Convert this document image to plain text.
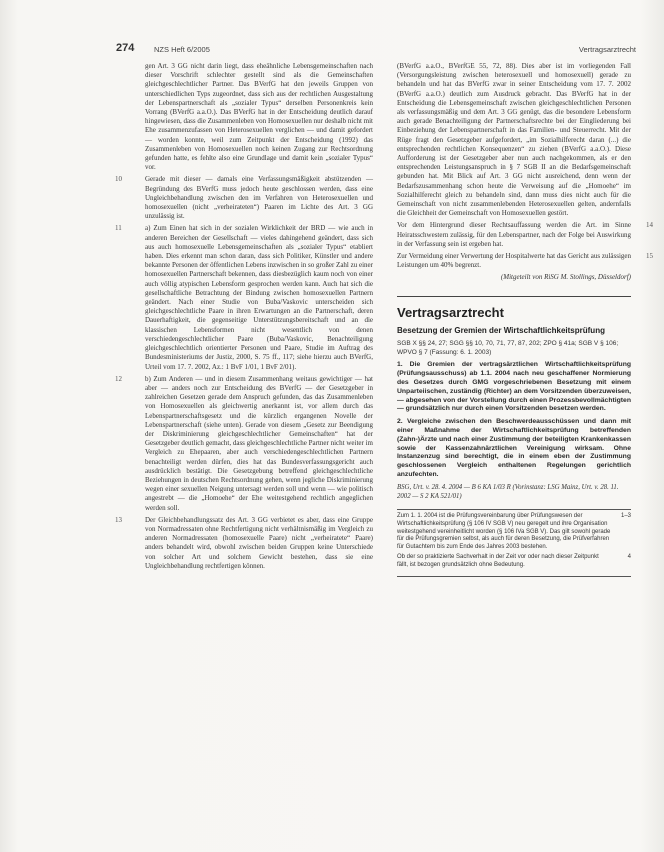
274	NZS Heft 6/2005	Vertragsarztrecht
gen Art. 3 GG nicht darin liegt, dass eheähnliche Lebensgemeinschaften nach dieser Vorschrift schlechter gestellt sind als die Gemeinschaften gleichgeschlechtlicher Partner. Das BVerfG hat den jeweils Gruppen von unterschiedlichen Typs zugeordnet, dass sich aus der rechtlichen Ausgestaltung der Lebenspartnerschaft als „sozialer Typus“ derselben Personenkreis kein Vorrang (BVerfG a.a.O.). Das BVerfG hat in der Entscheidung deutlich darauf hingewiesen, dass die Zusammenleben von Homosexuellen nur deshalb nicht mit Ehe zusammenzufassen von Heterosexuellen verglichen — und damit gefordert — worden konnte, weil zum Zeitpunkt der Entscheidung (1992) das Zusammenleben von Homosexuellen noch keinen Zugang zur Rechtsordnung gefunden hatte, es fehlte also eine Grundlage und damit kein „sozialer Typus“ vor.
10	Gerade mit dieser — damals eine Verfassungsmäßigkeit abstützenden — Begründung des BVerfG muss jedoch heute geschlossen werden, dass eine Ungleichbehandlung zwischen den im Verfahren von Heterosexuellen und homosexuellen (nicht „verheirateten“) Paaren im Lichte des Art. 3 GG unzulässig ist.
11	a) Zum Einen hat sich in der sozialen Wirklichkeit der BRD — wie auch in anderen Bereichen der Gesellschaft — vieles dahingehend geändert, dass sich aus auch homosexuelle Lebensgemeinschaften als „sozialer Typus“ etabliert haben. Dies erkennt man schon daran, dass sich Politiker, Künstler und andere bekannte Personen der öffentlichen Lebens inzwischen in so großer Zahl zu einer homosexuellen Partnerschaft bekennen, dass diesbezüglich kaum noch von einer auch völlig atypischen Lebensform gesprochen werden kann. Auch hat sich die gesellschaftliche Betrachtung der Bindung zwischen homosexuellen Partnern geändert. Nach einer Studie von Buba/Vaskovic unterscheiden sich gleichgeschlechtliche Paare in ihren Erwartungen an die Partnerschaft, deren Dauerhaftigkeit, die gegenseitige Unterstützungsbereitschaft und an die klassischen Lebensformen nicht wesentlich von denen verschiedengeschlechtlicher Paare (Buba/Vaskovic, Benachteiligung gleichgeschlechtlich orientierter Personen und Paare, Studie im Auftrag des Bundesministeriums der Justiz, 2000, S. 75 ff., 117; siehe hierzu auch BVerfG, Urteil vom 17. 7. 2002, Az.: 1 BvF 1/01, 1 BvF 2/01).
12	b) Zum Anderen — und in diesem Zusammenhang weitaus gewichtiger — hat aber — anders noch zur Entscheidung des BVerfG — der Gesetzgeber in zahlreichen Gesetzen gerade dem Anspruch gefunden, das das Zusammenleben von Homosexuellen als gleichwertig anerkannt ist, vor allem durch das Lebenspartnerschaftsgesetz und die kürzlich ergangenen Novelle der Lebenspartnerschaft (siehe unten). Gerade von diesem „Gesetz zur Beendigung der Diskriminierung gleichgeschlechtlicher Gemeinschaften“ hat der Gesetzgeber deutlich gemacht, dass gleichgeschlechtliche Partner nicht weiter im Vergleich zu Ehepaaren, aber auch verschiedengeschlechtlichen Partnern benachteiligt werden dürfen, dies hat das Bundesverfassungsgericht auch ausdrücklich bestätigt. Die Gesetzgebung betreffend gleichgeschlechtliche Beziehungen in deutschen Rechtsordnung gehen, wenn jegliche Diskriminierung wegen einer sexuellen Neigung untersagt werden soll und wenn — wie politisch angestrebt — die „Homoehe“ der Ehe weitestgehend rechtlich angeglichen werden soll.
13	Der Gleichbehandlungssatz des Art. 3 GG verbietet es aber, dass eine Gruppe von Normadressaten ohne Rechtfertigung nicht verhältnismäßig im Vergleich zu anderen Normadressaten (homosexuelle Paare) nicht „verheiratete“ Paare) anders behandelt wird, obwohl zwischen beiden Gruppen keine Unterschiede von solcher Art und solchem Gewicht bestehen, dass sie eine Ungleichbehandlung rechtfertigen können.
(BVerfG a.a.O., BVerfGE 55, 72, 88). Dies aber ist im vorliegenden Fall (Versorgungsleistung zwischen heterosexuell und homosexuell) gerade zu behandeln und hat das BVerfG zwar in seiner Entscheidung vom 17. 7. 2002 (BVerfG a.a.O.) deutlich zum Ausdruck gebracht. Das BVerfG hat in der Entscheidung die Lebensgemeinschaft zwischen gleichgeschlechtlichen Personen als verfassungsmäßig und dem Art. 3 GG genügt, das die besondere Lebensform auch gerade Benachteiligung der Partnerschaftsrechte bei der Eingliederung bei Einbeziehung der Lebenspartnerschaft in das Familien- und Steuerrecht. Mit der Rüge fragt den Gesetzgeber aufgefordert, „im Sozialhilferecht daran (...) die entsprechenden rechtlichen Konsequenzen“ zu ziehen (BVerfG a.a.O.). Diese Aufforderung ist der Gesetzgeber aber nun auch nachgekommen, als er den entsprechenden Leistungsanspruch in § 7 SGB II an die Bedarfsgemeinschaft gebunden hat. Mit Blick auf Art. 3 GG nicht ausreichend, denn wenn der Bedarfszusammenhang schon heute die Verweisung auf die „Homoehe“ im Sozialhilferecht gleich zu behandeln sind, dann muss dies nicht auch für die Gemeinschaft von nicht zusammenlebenden Heterosexuellen gelten, andernfalls die Gleichheit der Gemeinschaft von Homosexuellen gestört.
14
Vor dem Hintergrund dieser Rechtsauffassung werden die Art. im Sinne Heiratsschwestern zulässig, für den Lebenspartner, nach der Folge bei Auswirkung in der Verfassung sein ist ergeben hat.
15
Zur Vermeidung einer Verwertung der Hospitalwerte hat das Gericht aus zulässigen Leistungen um 40% begrenzt.
(Mitgeteilt von RiSG M. Stollings, Düsseldorf)
Vertragsarztrecht
Besetzung der Gremien der Wirtschaftlichkeitsprüfung
SGB X §§ 24, 27; SGG §§ 10, 70, 71, 77, 87, 202; ZPO § 41a; SGB V § 106; WPVO § 7 (Fassung: 6. 1. 2003)
1. Die Gremien der vertragsärztlichen Wirtschaftlichkeitsprüfung (Prüfungsausschuss) ab 1.1. 2004 nach neu geschaffener Normierung des Gesetzes durch GMG vorgeschriebenen Besetzung mit einem Unparteiischen, zuständig (Richter) an dem Vorsitzenden überzuweisen, — abgesehen von der Vorstellung durch einen Prozessbevollmächtigten — grundsätzlich nur durch einen Vorsitzenden besetzen werden.
2. Vergleiche zwischen den Beschwerdeausschüssen und dann mit einer Maßnahme der Wirtschaftlichkeitsprüfung betreffenden (Zahn-)Ärzte und nach einer Zustimmung der beteiligten Krankenkassen sowie der Kassenzahnärztlichen Vereinigung wirksam. Ohne Instanzenzug sind berechtigt, die in einem eben der Zustimmung geschlossenen Vergleich enthaltenen Regelungen gerichtlich anzufechten.
BSG, Urt. v. 28. 4. 2004 — B 6 KA 1/03 R (Vorinstanz: LSG Mainz, Urt. v. 28. 11. 2002 — S 2 KA 521/01)
Zum 1. 1. 2004 ist die Prüfungsvereinbarung über Prüfungswesen der Wirtschaftlichkeitsprüfung (§ 106 IV SGB V) neu geregelt und ihre Organisation weitestgehend vereinheitlicht worden (§ 106 IVa SGB V). Das gilt sowohl gerade für die Prüfungsgremien selbst, als auch für deren Besetzung, die Prüfverfahren für Gutachtern bis zum Ende des Jahres 2003 bestehen.
1–3
Ob der so praktizierte Sachverhalt in der Zeit vor oder nach dieser Zeitpunkt fällt, ist bezogen grundsätzlich ohne Bedeutung.
4
